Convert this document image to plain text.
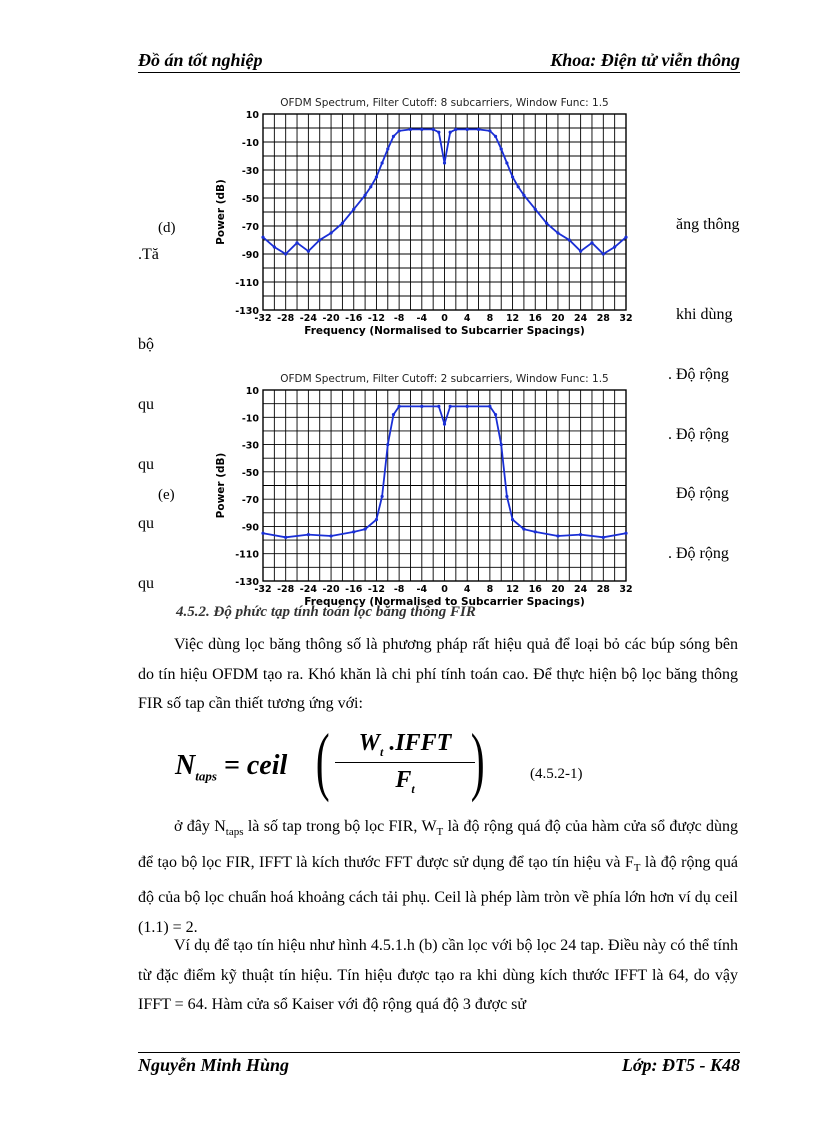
Đồ án tốt nghiệp	Khoa: Điện tử viễn thông
ăng thông
.Tă
khi dùng
bộ
. Độ rộng
qu
. Độ rộng
qu
Độ rộng
qu
. Độ rộng
qu
OFDM Spectrum, Filter Cutoff: 8 subcarriers, Window Func: 1.5
-32 -28 -24 -20 -16 -12 -8 -4 0 4 8 12 16 20 24 28 32
10
-10
-30
-50
-70
-90
-110
-130
Frequency (Normalised to Subcarrier Spacings)
Power (dB)
(d)
OFDM Spectrum, Filter Cutoff: 2 subcarriers, Window Func: 1.5
-32 -28 -24 -20 -16 -12 -8 -4 0 4 8 12 16 20 24 28 32
10
-10
-30
-50
-70
-90
-110
-130
Frequency (Normalised to Subcarrier Spacings)
Power (dB)
(e)
4.5.2. Độ phức tạp tính toán lọc băng thông FIR
Việc dùng lọc băng thông số là phương pháp rất hiệu quả để loại bỏ các búp sóng bên do tín hiệu OFDM tạo ra. Khó khăn là chi phí tính toán cao. Để thực hiện bộ lọc băng thông FIR số tap cần thiết tương ứng với:
$N_{taps}$ = ceil (	$W_t$ .IFFT
$F_t$ )	(4.5.2-1)
ở đây $N_{taps}$ là số tap trong bộ lọc FIR, $W_T$ là độ rộng quá độ của hàm cửa sổ được dùng để tạo bộ lọc FIR, IFFT là kích thước FFT được sử dụng để tạo tín hiệu và $F_T$ là độ rộng quá độ của bộ lọc chuẩn hoá khoảng cách tải phụ. Ceil là phép làm tròn về phía lớn hơn ví dụ ceil (1.1) = 2.
Ví dụ để tạo tín hiệu như hình 4.5.1.h (b) cần lọc với bộ lọc 24 tap. Điều này có thể tính từ đặc điểm kỹ thuật tín hiệu. Tín hiệu được tạo ra khi dùng kích thước IFFT là 64, do vậy IFFT = 64. Hàm cửa sổ Kaiser với độ rộng quá độ 3 được sử
Nguyễn Minh Hùng	Lớp: ĐT5 - K48
